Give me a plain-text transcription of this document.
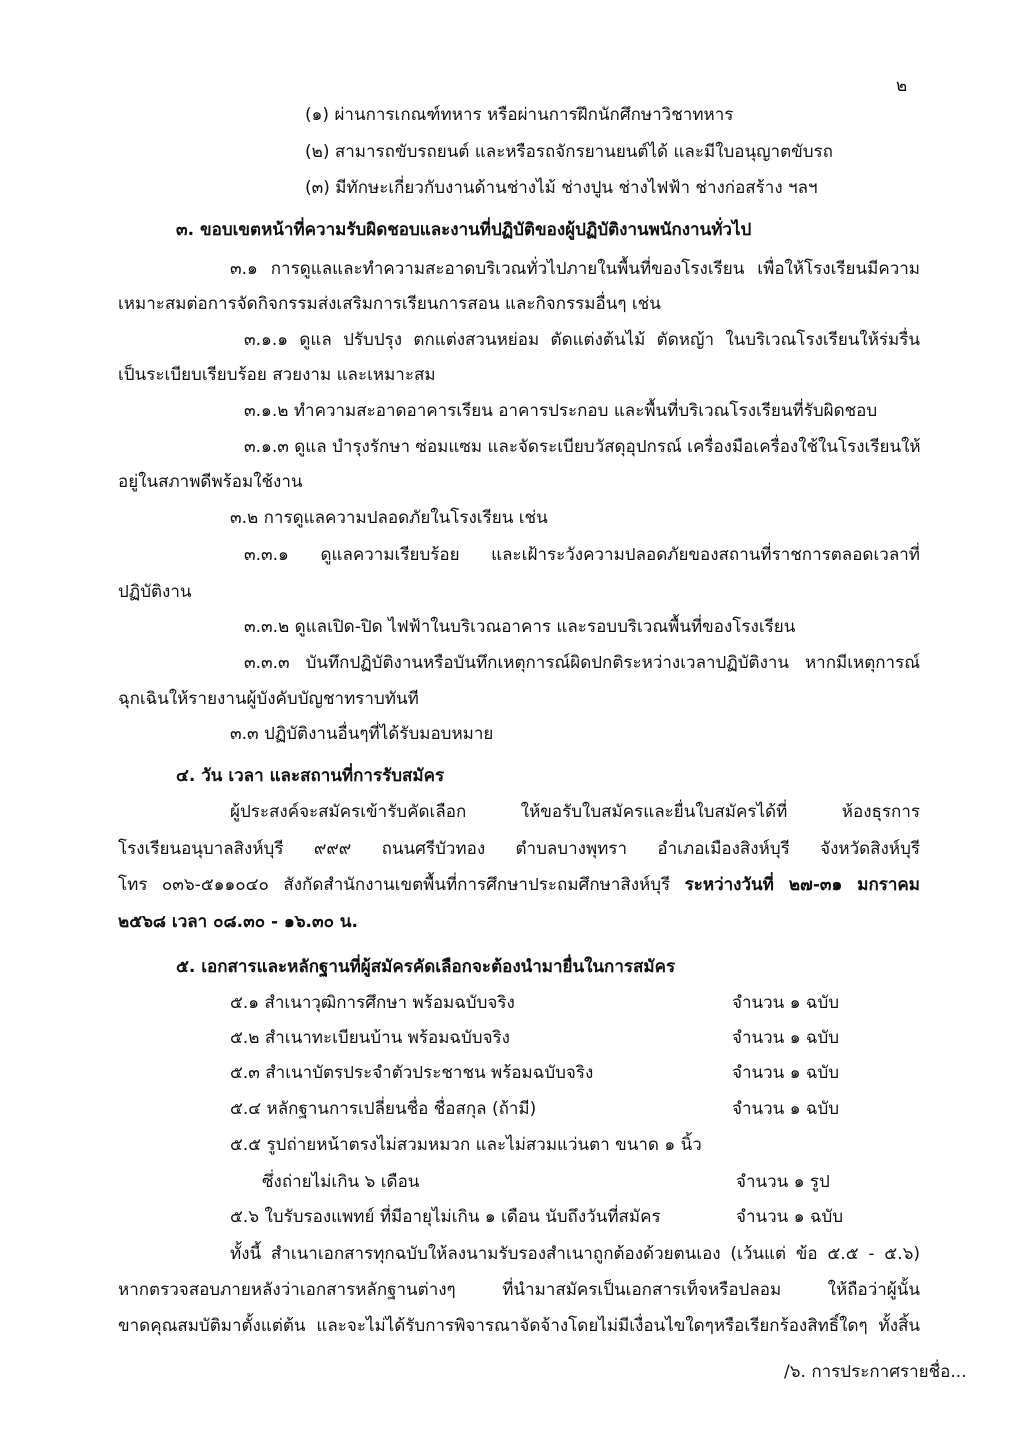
๒
(๑) ผ่านการเกณฑ์ทหาร หรือผ่านการฝึกนักศึกษาวิชาทหาร
(๒) สามารถขับรถยนต์ และหรือรถจักรยานยนต์ได้ และมีใบอนุญาตขับรถ
(๓) มีทักษะเกี่ยวกับงานด้านช่างไม้ ช่างปูน ช่างไฟฟ้า ช่างก่อสร้าง ฯลฯ
๓. ขอบเขตหน้าที่ความรับผิดชอบและงานที่ปฏิบัติของผู้ปฏิบัติงานพนักงานทั่วไป
๓.๑ การดูแลและทำความสะอาดบริเวณทั่วไปภายในพื้นที่ของโรงเรียน เพื่อให้โรงเรียนมีความ
เหมาะสมต่อการจัดกิจกรรมส่งเสริมการเรียนการสอน และกิจกรรมอื่นๆ เช่น
๓.๑.๑ ดูแล ปรับปรุง ตกแต่งสวนหย่อม ตัดแต่งต้นไม้ ตัดหญ้า ในบริเวณโรงเรียนให้ร่มรื่น
เป็นระเบียบเรียบร้อย สวยงาม และเหมาะสม
๓.๑.๒ ทำความสะอาดอาคารเรียน อาคารประกอบ และพื้นที่บริเวณโรงเรียนที่รับผิดชอบ
๓.๑.๓ ดูแล บำรุงรักษา ซ่อมแซม และจัดระเบียบวัสดุอุปกรณ์ เครื่องมือเครื่องใช้ในโรงเรียนให้
อยู่ในสภาพดีพร้อมใช้งาน
๓.๒ การดูแลความปลอดภัยในโรงเรียน เช่น
๓.๓.๑ ดูแลความเรียบร้อย และเฝ้าระวังความปลอดภัยของสถานที่ราชการตลอดเวลาที่
ปฏิบัติงาน
๓.๓.๒ ดูแลเปิด-ปิด ไฟฟ้าในบริเวณอาคาร และรอบบริเวณพื้นที่ของโรงเรียน
๓.๓.๓ บันทึกปฏิบัติงานหรือบันทึกเหตุการณ์ผิดปกติระหว่างเวลาปฏิบัติงาน หากมีเหตุการณ์
ฉุกเฉินให้รายงานผู้บังคับบัญชาทราบทันที
๓.๓ ปฏิบัติงานอื่นๆที่ได้รับมอบหมาย
๔. วัน เวลา และสถานที่การรับสมัคร
ผู้ประสงค์จะสมัครเข้ารับคัดเลือก ให้ขอรับใบสมัครและยื่นใบสมัครได้ที่ ห้องธุรการ
โรงเรียนอนุบาลสิงห์บุรี ๙๙๙ ถนนศรีบัวทอง ตำบลบางพุทรา อำเภอเมืองสิงห์บุรี จังหวัดสิงห์บุรี
โทร ๐๓๖-๕๑๑๐๔๐ สังกัดสำนักงานเขตพื้นที่การศึกษาประถมศึกษาสิงห์บุรี ระหว่างวันที่ ๒๗-๓๑ มกราคม
๒๕๖๘ เวลา ๐๘.๓๐ - ๑๖.๓๐ น.
๕. เอกสารและหลักฐานที่ผู้สมัครคัดเลือกจะต้องนำมายื่นในการสมัคร
๕.๑ สำเนาวุฒิการศึกษา พร้อมฉบับจริง	จำนวน ๑ ฉบับ
๕.๒ สำเนาทะเบียนบ้าน พร้อมฉบับจริง	จำนวน ๑ ฉบับ
๕.๓ สำเนาบัตรประจำตัวประชาชน พร้อมฉบับจริง	จำนวน ๑ ฉบับ
๕.๔ หลักฐานการเปลี่ยนชื่อ ชื่อสกุล (ถ้ามี)	จำนวน ๑ ฉบับ
๕.๕ รูปถ่ายหน้าตรงไม่สวมหมวก และไม่สวมแว่นตา ขนาด ๑ นิ้ว
ซึ่งถ่ายไม่เกิน ๖ เดือน	จำนวน ๑ รูป
๕.๖ ใบรับรองแพทย์ ที่มีอายุไม่เกิน ๑ เดือน นับถึงวันที่สมัคร	จำนวน ๑ ฉบับ
ทั้งนี้ สำเนาเอกสารทุกฉบับให้ลงนามรับรองสำเนาถูกต้องด้วยตนเอง (เว้นแต่ ข้อ ๕.๕ - ๕.๖)
หากตรวจสอบภายหลังว่าเอกสารหลักฐานต่างๆ ที่นำมาสมัครเป็นเอกสารเท็จหรือปลอม ให้ถือว่าผู้นั้น
ขาดคุณสมบัติมาตั้งแต่ต้น และจะไม่ได้รับการพิจารณาจัดจ้างโดยไม่มีเงื่อนไขใดๆหรือเรียกร้องสิทธิ์ใดๆ ทั้งสิ้น
/๖. การประกาศรายชื่อ...
